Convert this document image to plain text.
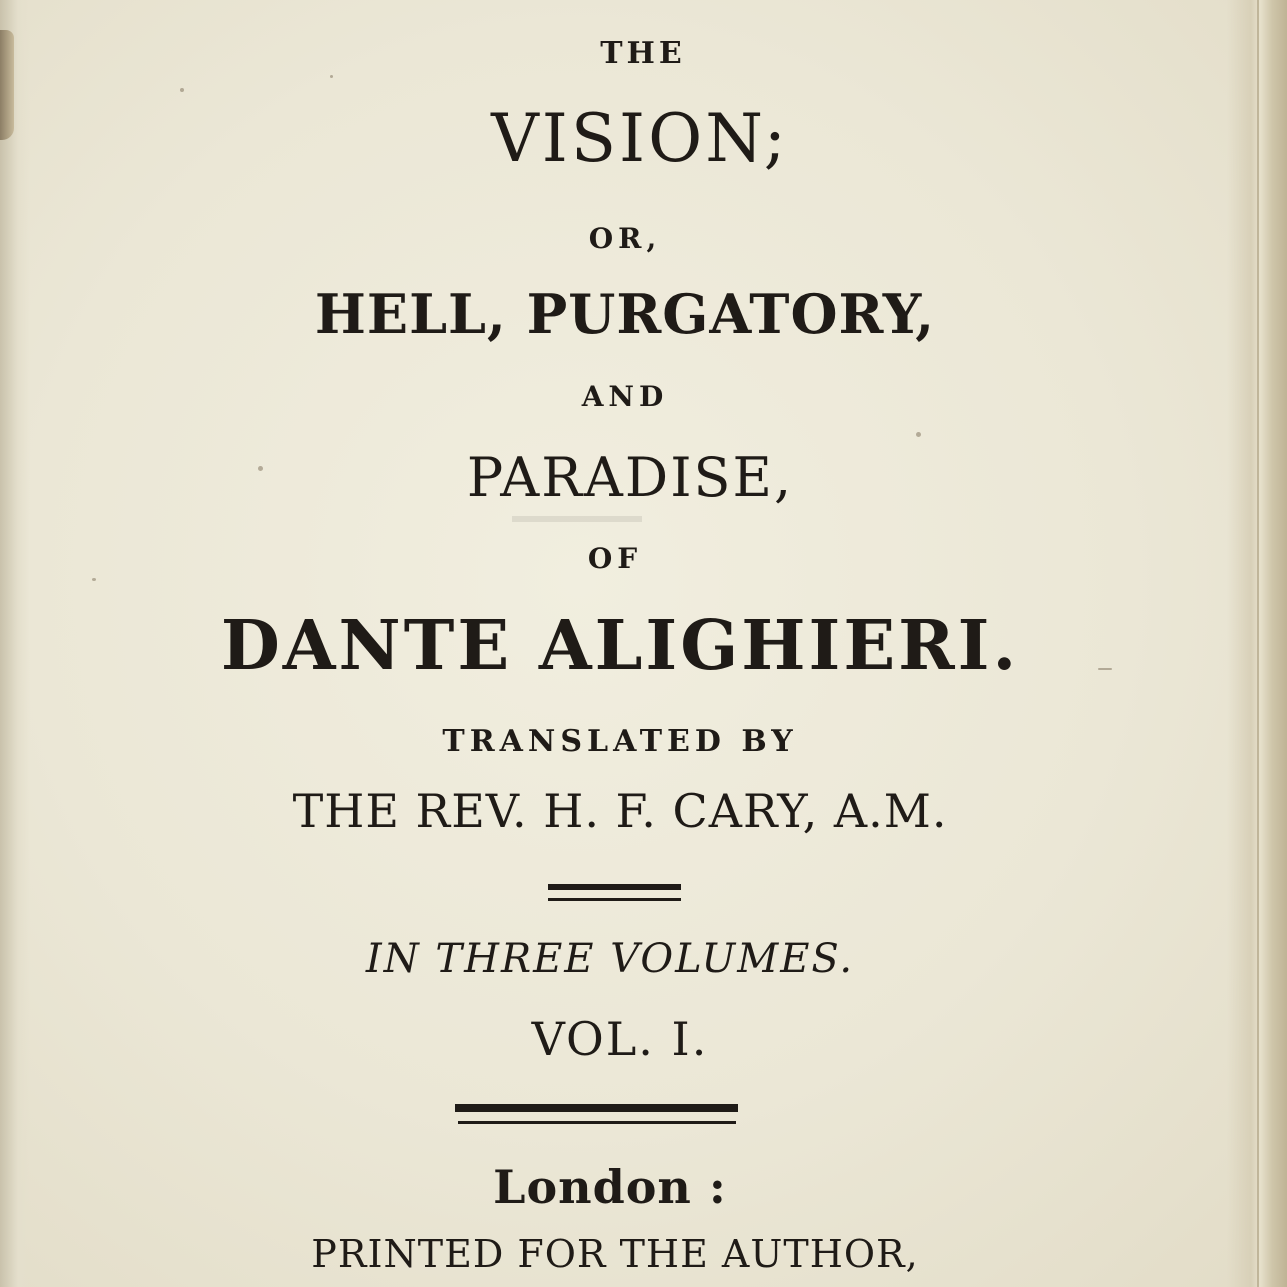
THE
VISION;
OR,
HELL, PURGATORY,
AND
PARADISE,
OF
DANTE ALIGHIERI.
TRANSLATED BY
THE REV. H. F. CARY, A.M.
IN THREE VOLUMES.
VOL. I.
London :
PRINTED FOR THE AUTHOR,
